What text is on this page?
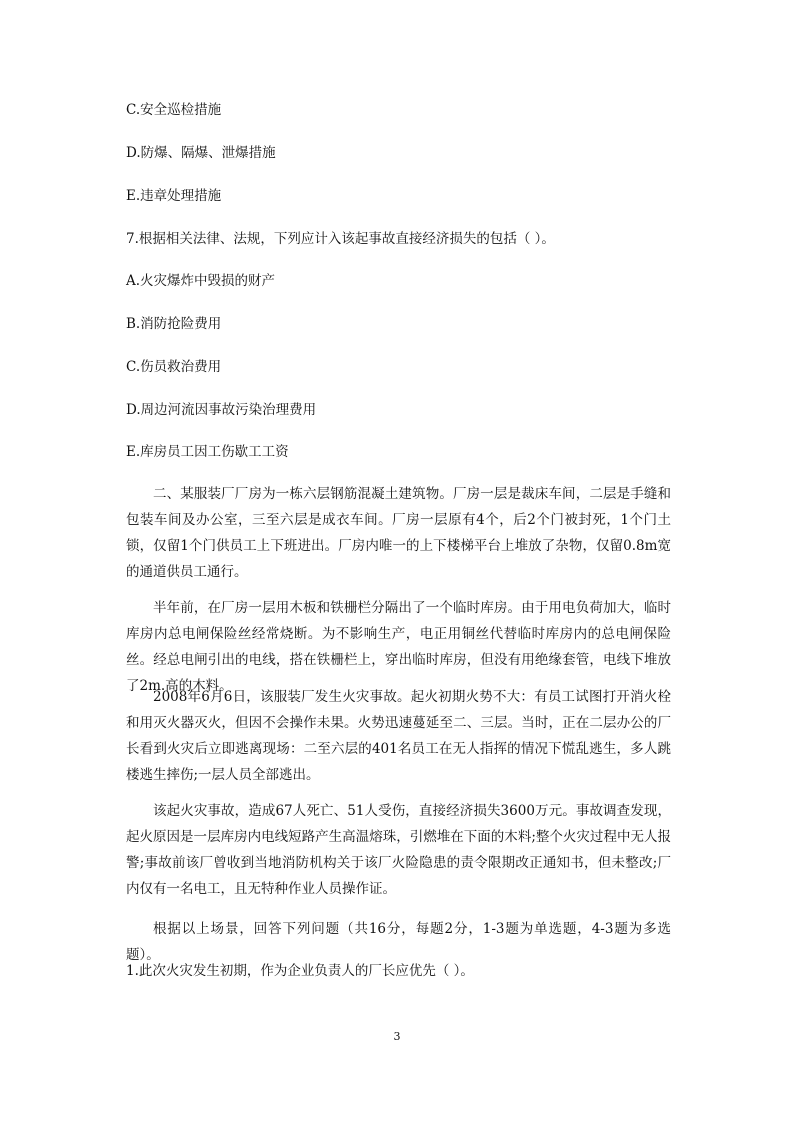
C.安全巡检措施
D.防爆、隔爆、泄爆措施
E.违章处理措施
7.根据相关法律、法规，下列应计入该起事故直接经济损失的包括（ ）。
A.火灾爆炸中毁损的财产
B.消防抢险费用
C.伤员救治费用
D.周边河流因事故污染治理费用
E.库房员工因工伤歇工工资
二、某服装厂厂房为一栋六层钢筋混凝土建筑物。厂房一层是裁床车间，二层是手缝和包装车间及办公室，三至六层是成衣车间。厂房一层原有4个，后2个门被封死，1个门土锁，仅留1个门供员工上下班进出。厂房内唯一的上下楼梯平台上堆放了杂物，仅留0.8m宽的通道供员工通行。
半年前，在厂房一层用木板和铁栅栏分隔出了一个临时库房。由于用电负荷加大，临时库房内总电闸保险丝经常烧断。为不影响生产，电正用铜丝代替临时库房内的总电闸保险丝。经总电闸引出的电线，搭在铁栅栏上，穿出临时库房，但没有用绝缘套管，电线下堆放了2m.高的木料。
2008年6月6日，该服装厂发生火灾事故。起火初期火势不大：有员工试图打开消火栓和用灭火器灭火，但因不会操作未果。火势迅速蔓延至二、三层。当时，正在二层办公的厂长看到火灾后立即逃离现场：二至六层的401名员工在无人指挥的情况下慌乱逃生，多人跳楼逃生摔伤;一层人员全部逃出。
该起火灾事故，造成67人死亡、51人受伤，直接经济损失3600万元。事故调查发现，起火原因是一层库房内电线短路产生高温熔珠，引燃堆在下面的木料;整个火灾过程中无人报警;事故前该厂曾收到当地消防机构关于该厂火险隐患的责令限期改正通知书，但未整改;厂内仅有一名电工，且无特种作业人员操作证。
根据以上场景，回答下列问题（共16分，每题2分，1-3题为单选题，4-3题为多选题）。
1.此次火灾发生初期，作为企业负责人的厂长应优先（ ）。
3
